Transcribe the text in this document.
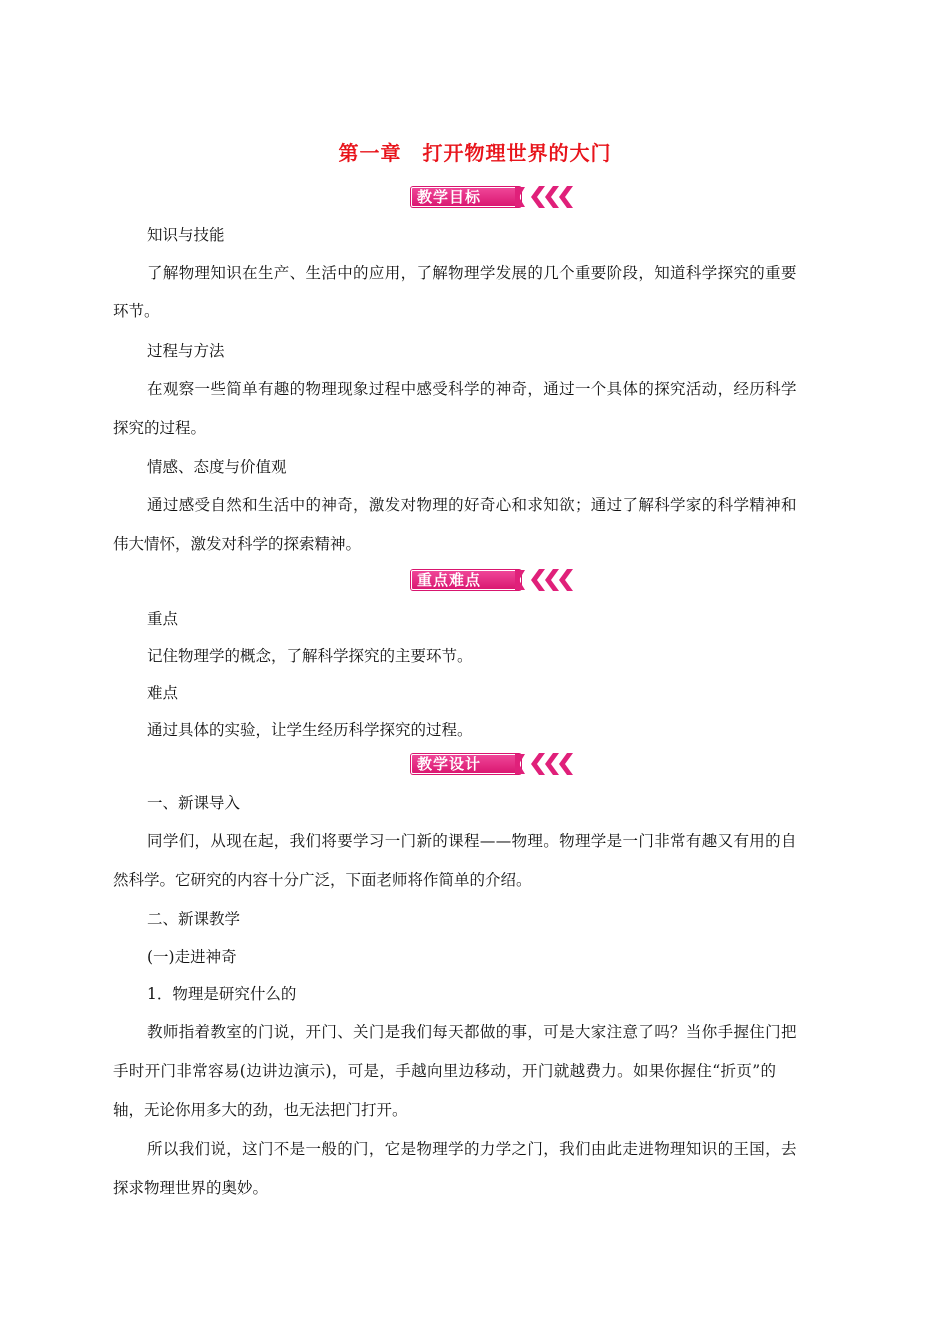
第一章　打开物理世界的大门
教学目标
知识与技能
了解物理知识在生产、生活中的应用，了解物理学发展的几个重要阶段，知道科学探究的重要
环节。
过程与方法
在观察一些简单有趣的物理现象过程中感受科学的神奇，通过一个具体的探究活动，经历科学
探究的过程。
情感、态度与价值观
通过感受自然和生活中的神奇，激发对物理的好奇心和求知欲；通过了解科学家的科学精神和
伟大情怀，激发对科学的探索精神。
重点难点
重点
记住物理学的概念，了解科学探究的主要环节。
难点
通过具体的实验，让学生经历科学探究的过程。
教学设计
一、新课导入
同学们，从现在起，我们将要学习一门新的课程——物理。物理学是一门非常有趣又有用的自
然科学。它研究的内容十分广泛，下面老师将作简单的介绍。
二、新课教学
(一)走进神奇
1．物理是研究什么的
教师指着教室的门说，开门、关门是我们每天都做的事，可是大家注意了吗？当你手握住门把
手时开门非常容易(边讲边演示)，可是，手越向里边移动，开门就越费力。如果你握住“折页”的
轴，无论你用多大的劲，也无法把门打开。
所以我们说，这门不是一般的门，它是物理学的力学之门，我们由此走进物理知识的王国，去
探求物理世界的奥妙。
